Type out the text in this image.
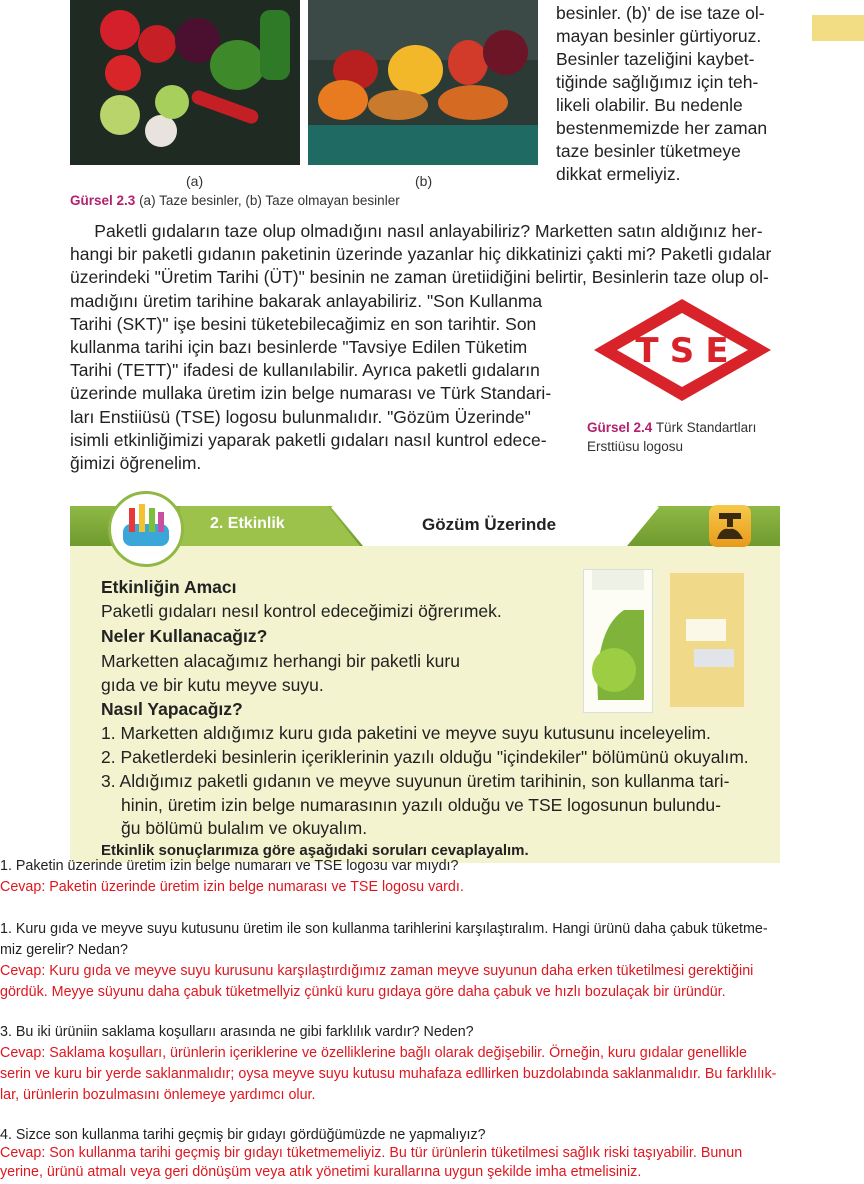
(a)	(b)
Gürsel 2.3 (a) Taze besinler, (b) Taze olmayan besinler
besinler. (b)' de ise taze ol-
mayan besinler gürtiyoruz.
Besinler tazeliğini kaybet-
tiğinde sağlığımız için teh-
likeli olabilir. Bu nedenle
bestenmemizde her zaman
taze besinler tüketmeye
dikkat ermeliyiz.
Paketli gıdaların taze olup olmadığını nasıl anlayabiliriz? Marketten satın aldığınız her-
hangi bir paketli gıdanın paketinin üzerinde yazanlar hiç dikkatinizi çakti mi? Paketli gıdalar
üzerindeki "Üretim Tarihi (ÜT)" besinin ne zaman üretiidiğini belirtir, Besinlerin taze olup ol-
madığını üretim tarihine bakarak anlayabiliriz. "Son Kullanma
Tarihi (SKT)" işe besini tüketebilecağimiz en son tarihtir. Son
kullanma tarihi için bazı besinlerde "Tavsiye Edilen Tüketim
Tarihi (TETT)" ifadesi de kullanılabilir. Ayrıca paketli gıdaların
üzerinde mullaka üretim izin belge numarası ve Türk Standari-
ları Enstiiüsü (TSE) logosu bulunmalıdır. "Gözüm Üzerinde"
isimli etkinliğimizi yaparak paketli gıdaları nasıl kuntrol edece-
ğimizi öğrenelim.
T S E
Gürsel 2.4 Türk Standartları
Ersttiüsu logosu
2. Etkinlik	Gözüm Üzerinde
Etkinliğin Amacı
Paketli gıdaları nesıl kontrol edeceğimizi öğrerımek.
Neler Kullanacağız?
Marketten alacağımız herhangi bir paketli kuru
gıda ve bir kutu meyve suyu.
Nasıl Yapacağız?
1. Marketten aldığımız kuru gıda paketini ve meyve suyu kutusunu inceleyelim.
2. Paketlerdeki besinlerin içeriklerinin yazılı olduğu "içindekiler" bölümünü okuyalım.
3. Aldığımız paketli gıdanın ve meyve suyunun üretim tarihinin, son kullanma tari-
hinin, üretim izin belge numarasının yazılı olduğu ve TSE logosunun bulundu-
ğu bölümü bulalım ve okuyalım.
Etkinlik sonuçlarımıza göre aşağıdaki soruları cevaplayalım.
1. Paketin üzerinde üretim izin belge numararı ve TSE logoзu var mıydı?
Cevap: Paketin üzerinde üretim izin belge numarası ve TSE logosu vardı.
1. Kuru gıda ve meyve suyu kutusunu üretim ile son kullanma tarihlerini karşılaştıralım. Hangi ürünü daha çabuk tüketme-
miz gerelir? Nedan?
Cevap: Kuru gıda ve meyve suyu kurusunu karşılaştırdığımız zaman meyve suyunun daha erken tüketilmesi gerektiğini
gördük. Meyye süyunu daha çabuk tüketmellyiz çünkü kuru gıdaya göre daha çabuk ve hızlı bozulaçak bir üründür.
3. Bu iki ürüniin saklama koşullarıı arasında ne gibi farklılık vardır? Neden?
Cevap: Saklama koşulları, ürünlerin içeriklerine ve özelliklerine bağlı olarak değişebilir. Örneğin, kuru gıdalar genellikle
serin ve kuru bir yerde saklanmalıdır; oysa meyve suyu kutusu muhafaza edllirken buzdolabında saklanmalıdır. Bu farklılık-
lar, ürünlerin bozulmasını önlemeye yardımcı olur.
4. Sizce son kullanma tarihi geçmiş bir gıdayı gördüğümüzde ne yapmalıyız?
Cevap: Son kullanma tarihi geçmiş bir gıdayı tüketmemeliyiz. Bu tür ürünlerin tüketilmesi sağlık riski taşıyabilir. Bunun
yerine, ürünü atmalı veya geri dönüşüm veya atık yönetimi kurallarına uygun şekilde imha etmelisiniz.
